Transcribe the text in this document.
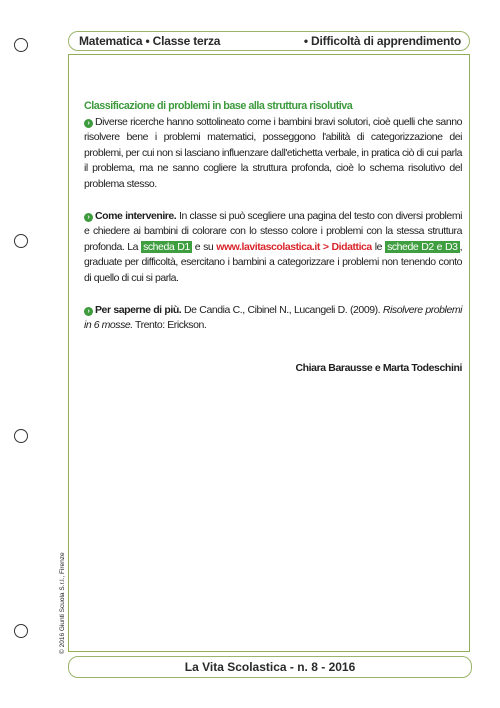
Matematica • Classe terza	• Difficoltà di apprendimento
Classificazione di problemi in base alla struttura risolutiva

› Diverse ricerche hanno sottolineato come i bambini bravi solutori, cioè quelli che sanno risolvere bene i problemi matematici, posseggono l'abilità di categorizzazione dei problemi, per cui non si lasciano influenzare dall'etichetta verbale, in pratica ciò di cui parla il problema, ma ne sanno cogliere la struttura profonda, cioè lo schema risolutivo del problema stesso.

› Come intervenire. In classe si può scegliere una pagina del testo con diversi problemi e chiedere ai bambini di colorare con lo stesso colore i problemi con la stessa struttura profonda. La scheda D1 e su www.lavitascolastica.it > Didattica le schede D2 e D3 , graduate per difficoltà, esercitano i bambini a categorizzare i problemi non tenendo conto di quello di cui si parla.

› Per saperne di più. De Candia C., Cibinel N., Lucangeli D. (2009). Risolvere problemi in 6 mosse. Trento: Erickson.

Chiara Barausse e Marta Todeschini
© 2016 Giunti Scuola S.r.l., Firenze
La Vita Scolastica - n. 8 - 2016
